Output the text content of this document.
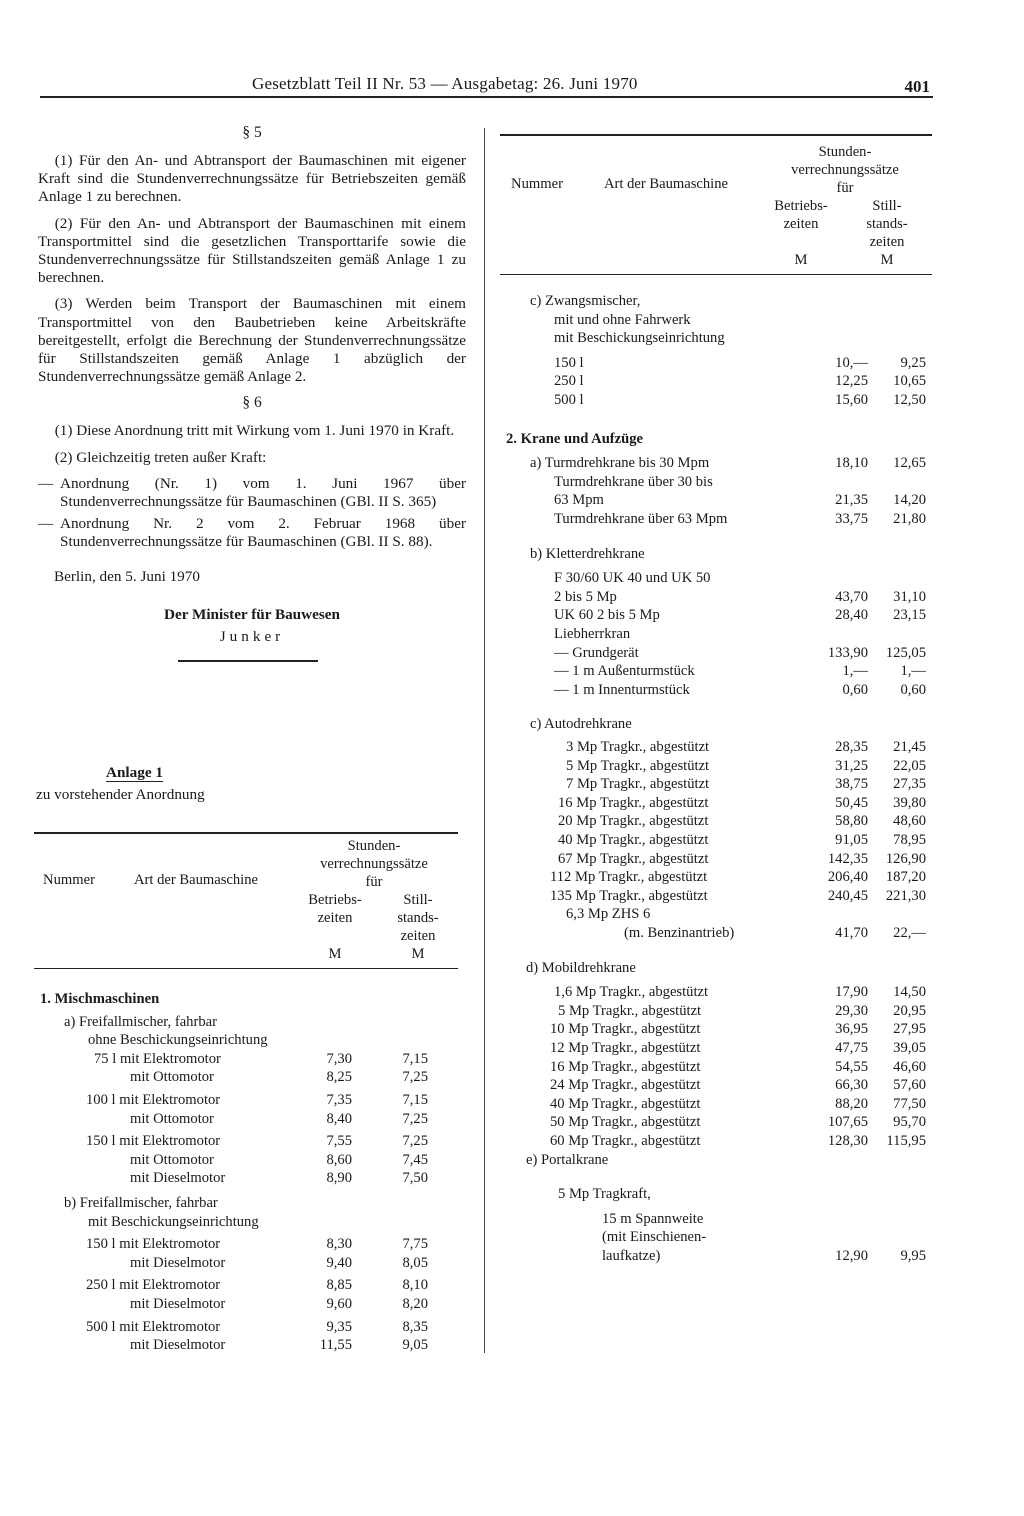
Gesetzblatt Teil II Nr. 53 — Ausgabetag: 26. Juni 1970	401
§ 5

(1) Für den An- und Abtransport der Baumaschinen mit eigener Kraft sind die Stundenverrechnungssätze für Betriebszeiten gemäß Anlage 1 zu berechnen.

(2) Für den An- und Abtransport der Baumaschinen mit einem Transportmittel sind die gesetzlichen Transporttarife sowie die Stundenverrechnungssätze für Stillstandszeiten gemäß Anlage 1 zu berechnen.

(3) Werden beim Transport der Baumaschinen mit einem Transportmittel von den Baubetrieben keine Arbeitskräfte bereitgestellt, erfolgt die Berechnung der Stundenverrechnungssätze für Stillstandszeiten gemäß Anlage 1 abzüglich der Stundenverrechnungssätze gemäß Anlage 2.

§ 6

(1) Diese Anordnung tritt mit Wirkung vom 1. Juni 1970 in Kraft.

(2) Gleichzeitig treten außer Kraft:

— Anordnung (Nr. 1) vom 1. Juni 1967 über Stundenverrechnungssätze für Baumaschinen (GBl. II S. 365)
— Anordnung Nr. 2 vom 2. Februar 1968 über Stundenverrechnungssätze für Baumaschinen (GBl. II S. 88).
Berlin, den 5. Juni 1970
Der Minister für Bauwesen
Junker
Anlage 1
zu vorstehender Anordnung
Nummer	Art der Baumaschine
Stunden-
verrechnungssätze
für
Betriebs-
zeiten
Still-
stands-
zeiten
M	M
1. Mischmaschinen
a) Freifallmischer, fahrbar
ohne Beschickungseinrichtung
75 l mit Elektromotor	7,30	7,15
mit Ottomotor	8,25	7,25
100 l mit Elektromotor	7,35	7,15
mit Ottomotor	8,40	7,25
150 l mit Elektromotor	7,55	7,25
mit Ottomotor	8,60	7,45
mit Dieselmotor	8,90	7,50
b) Freifallmischer, fahrbar
mit Beschickungseinrichtung
150 l mit Elektromotor	8,30	7,75
mit Dieselmotor	9,40	8,05
250 l mit Elektromotor	8,85	8,10
mit Dieselmotor	9,60	8,20
500 l mit Elektromotor	9,35	8,35
mit Dieselmotor	11,55	9,05
Nummer	Art der Baumaschine
Stunden-
verrechnungssätze
für
Betriebs-
zeiten
Still-
stands-
zeiten
M	M
c) Zwangsmischer,
mit und ohne Fahrwerk
mit Beschickungseinrichtung
150 l	10,— 9,25
250 l	12,25 10,65
500 l	15,60 12,50
2. Krane und Aufzüge
a) Turmdrehkrane bis 30 Mpm	18,10 12,65
Turmdrehkrane über 30 bis
63 Mpm	21,35 14,20
Turmdrehkrane über 63 Mpm	33,75 21,80
b) Kletterdrehkrane
F 30/60 UK 40 und UK 50
2 bis 5 Mp	43,70 31,10
UK 60 2 bis 5 Mp	28,40 23,15
Liebherrkran
— Grundgerät	133,90 125,05
— 1 m Außenturmstück	1,— 1,—
— 1 m Innenturmstück	0,60 0,60
c) Autodrehkrane
3 Mp Tragkr., abgestützt	28,35 21,45
5 Mp Tragkr., abgestützt	31,25 22,05
7 Mp Tragkr., abgestützt	38,75 27,35
16 Mp Tragkr., abgestützt	50,45 39,80
20 Mp Tragkr., abgestützt	58,80 48,60
40 Mp Tragkr., abgestützt	91,05 78,95
67 Mp Tragkr., abgestützt	142,35 126,90
112 Mp Tragkr., abgestützt	206,40 187,20
135 Mp Tragkr., abgestützt	240,45 221,30
6,3 Mp ZHS 6
(m. Benzinantrieb)	41,70 22,—
d) Mobildrehkrane
1,6 Mp Tragkr., abgestützt	17,90 14,50
5 Mp Tragkr., abgestützt	29,30 20,95
10 Mp Tragkr., abgestützt	36,95 27,95
12 Mp Tragkr., abgestützt	47,75 39,05
16 Mp Tragkr., abgestützt	54,55 46,60
24 Mp Tragkr., abgestützt	66,30 57,60
40 Mp Tragkr., abgestützt	88,20 77,50
50 Mp Tragkr., abgestützt	107,65 95,70
60 Mp Tragkr., abgestützt	128,30 115,95
e) Portalkrane
5 Mp Tragkraft,
15 m Spannweite
(mit Einschienen-
laufkatze)	12,90 9,95
